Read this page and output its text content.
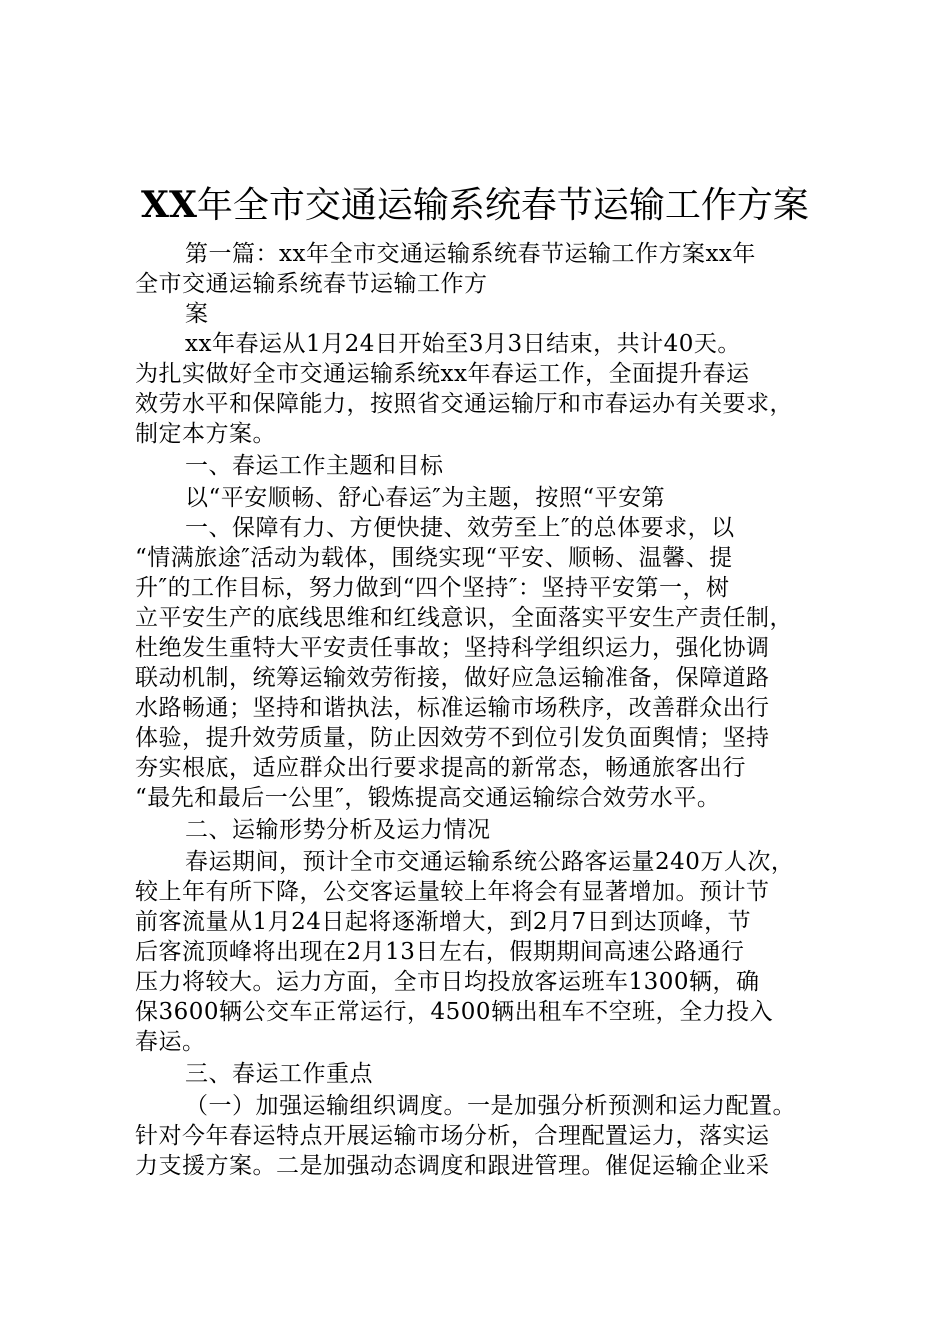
XX年全市交通运输系统春节运输工作方案
第一篇：xx年全市交通运输系统春节运输工作方案xx年
全市交通运输系统春节运输工作方
案
xx年春运从1月24日开始至3月3日结束，共计40天。
为扎实做好全市交通运输系统xx年春运工作，全面提升春运
效劳水平和保障能力，按照省交通运输厅和市春运办有关要求，
制定本方案。
一、春运工作主题和目标
以“平安顺畅、舒心春运″为主题，按照“平安第
一、保障有力、方便快捷、效劳至上″的总体要求，以
“情满旅途″活动为载体，围绕实现“平安、顺畅、温馨、提
升″的工作目标，努力做到“四个坚持″：坚持平安第一，树
立平安生产的底线思维和红线意识，全面落实平安生产责任制，
杜绝发生重特大平安责任事故；坚持科学组织运力，强化协调
联动机制，统筹运输效劳衔接，做好应急运输准备，保障道路
水路畅通；坚持和谐执法，标准运输市场秩序，改善群众出行
体验，提升效劳质量，防止因效劳不到位引发负面舆情；坚持
夯实根底，适应群众出行要求提高的新常态，畅通旅客出行
“最先和最后一公里″，锻炼提高交通运输综合效劳水平。
二、运输形势分析及运力情况
春运期间，预计全市交通运输系统公路客运量240万人次，
较上年有所下降，公交客运量较上年将会有显著增加。预计节
前客流量从1月24日起将逐渐增大，到2月7日到达顶峰，节
后客流顶峰将出现在2月13日左右，假期期间高速公路通行
压力将较大。运力方面，全市日均投放客运班车1300辆，确
保3600辆公交车正常运行，4500辆出租车不空班，全力投入
春运。
三、春运工作重点
（一）加强运输组织调度。一是加强分析预测和运力配置。
针对今年春运特点开展运输市场分析，合理配置运力，落实运
力支援方案。二是加强动态调度和跟进管理。催促运输企业采
